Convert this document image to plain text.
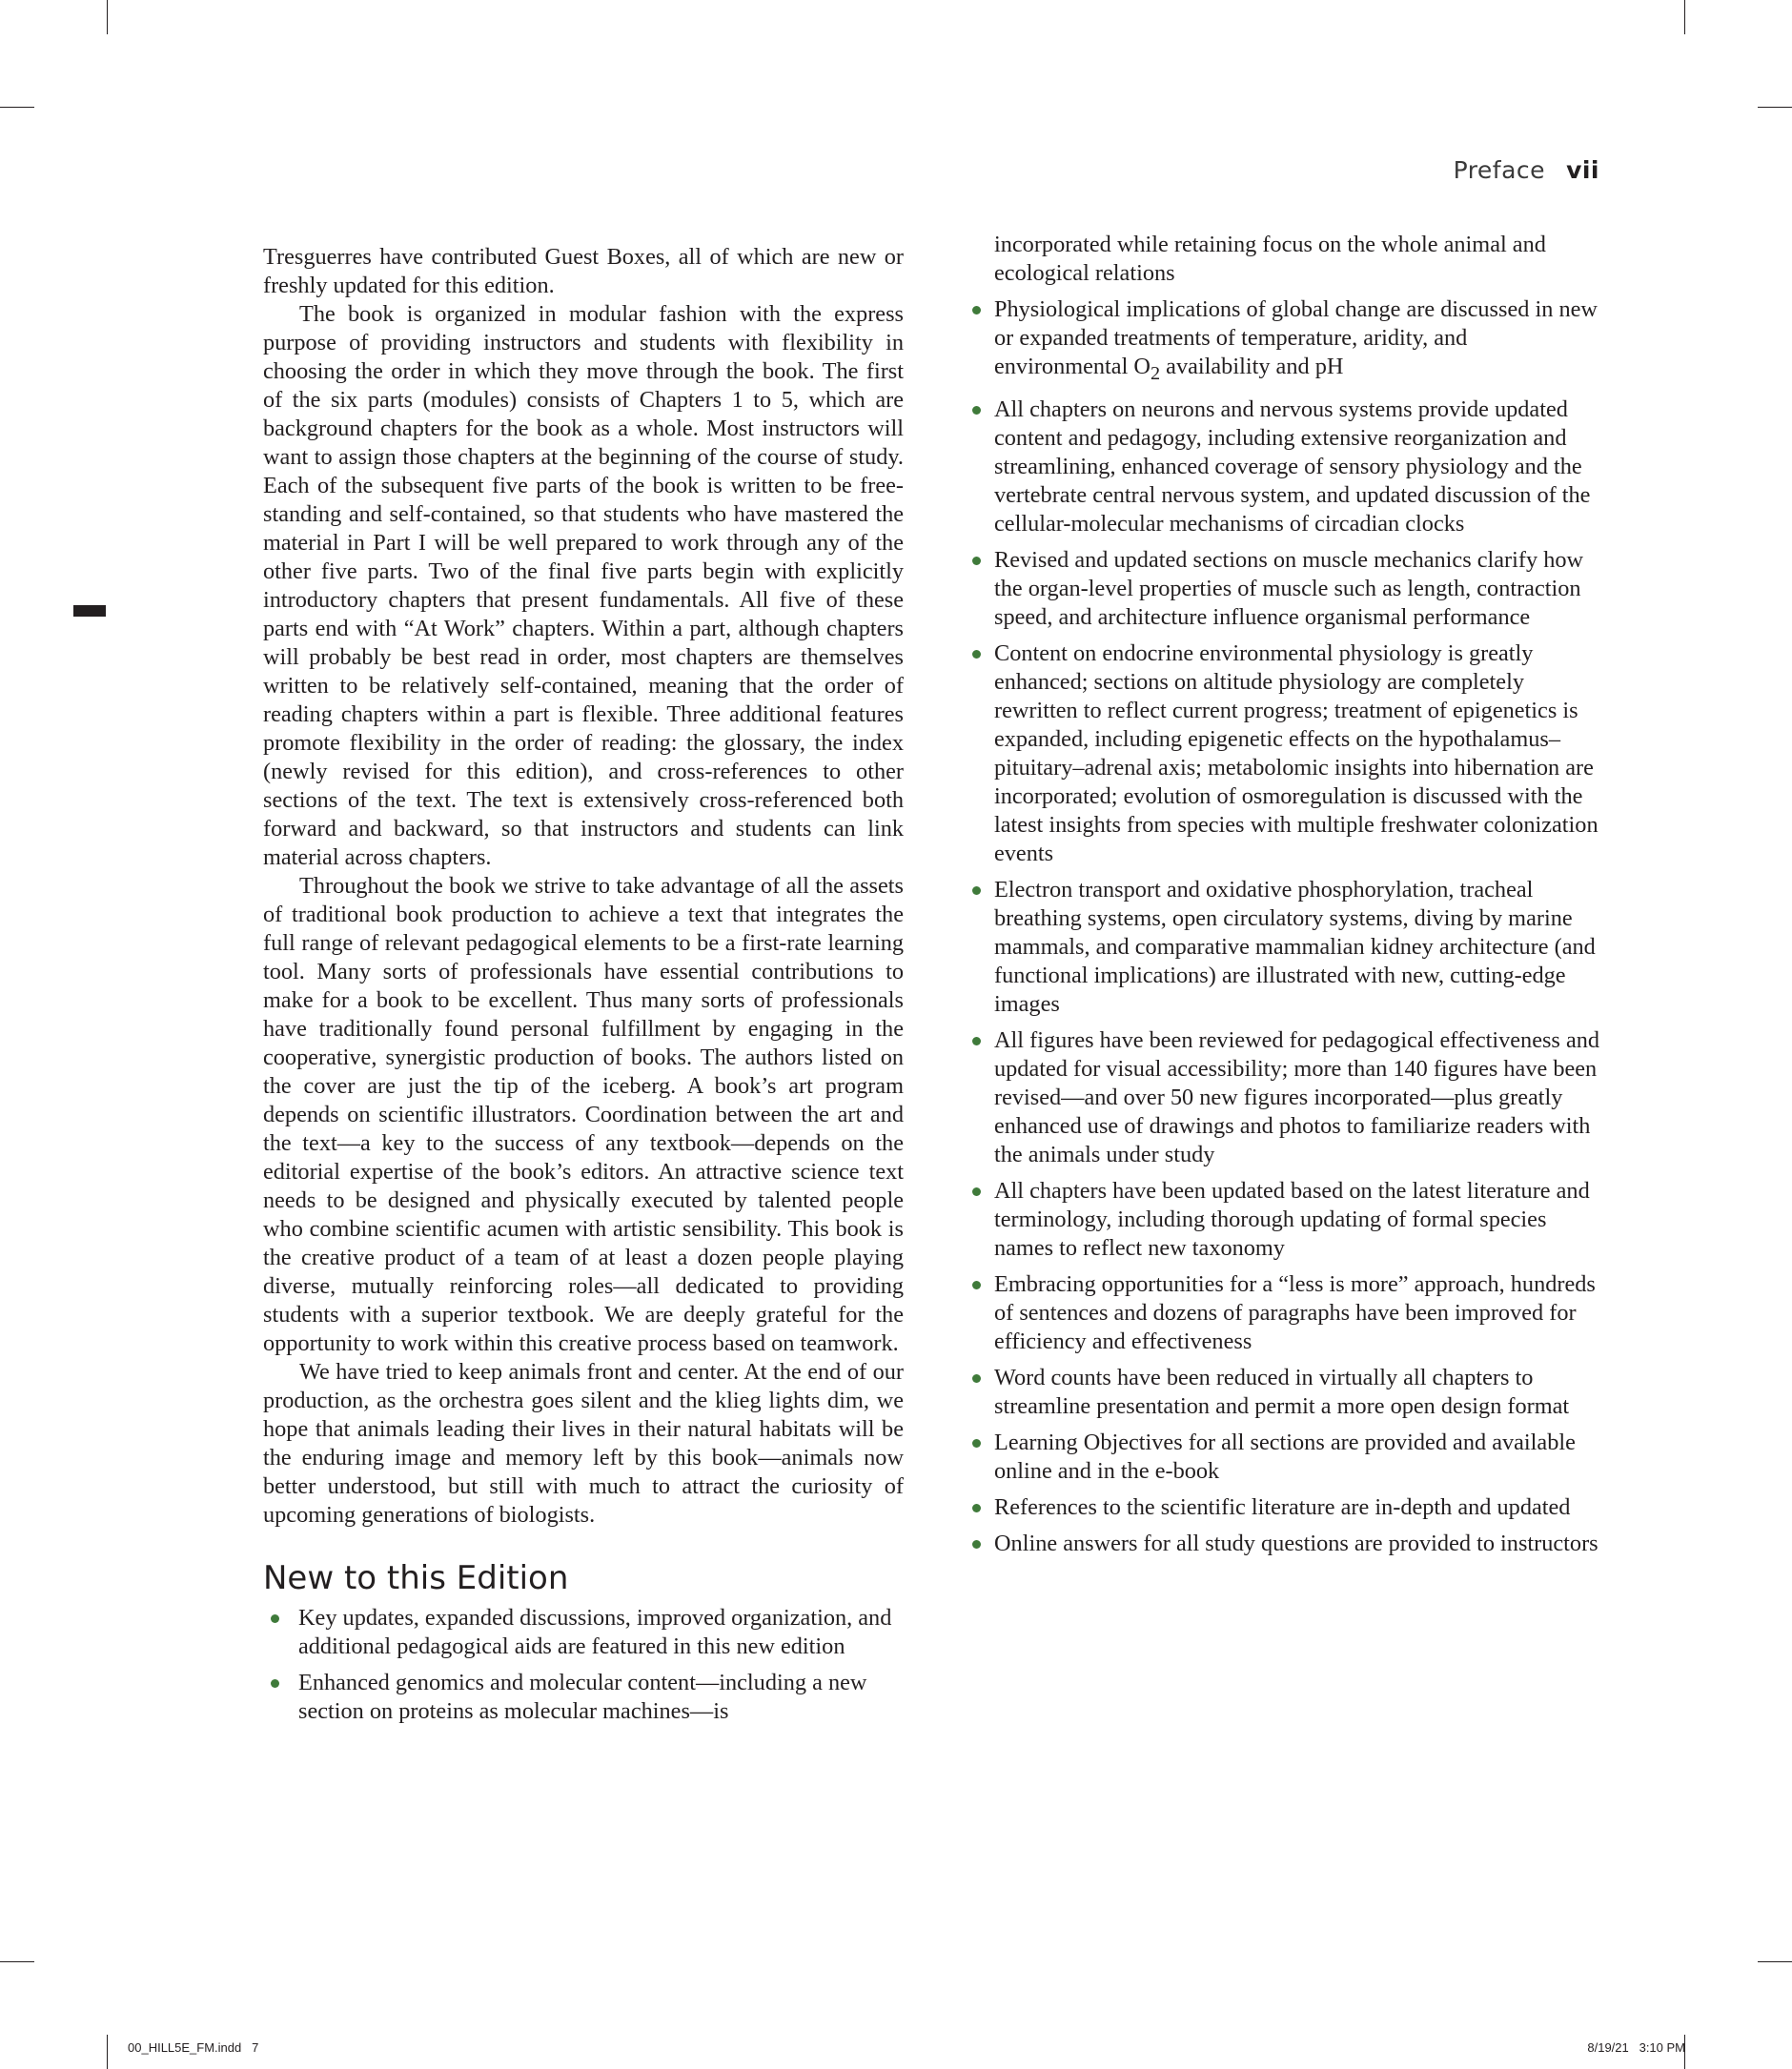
Preface vii

Tresguerres have contributed Guest Boxes, all of which are new or freshly updated for this edition.

The book is organized in modular fashion with the express purpose of providing instructors and students with flexibility in choosing the order in which they move through the book. The first of the six parts (modules) consists of Chapters 1 to 5, which are background chapters for the book as a whole. Most instructors will want to assign those chapters at the beginning of the course of study. Each of the subsequent five parts of the book is written to be free-standing and self-contained, so that students who have mastered the material in Part I will be well prepared to work through any of the other five parts. Two of the final five parts begin with explicitly introductory chapters that present fundamentals. All five of these parts end with “At Work” chapters. Within a part, although chapters will probably be best read in order, most chapters are themselves written to be relatively self-contained, meaning that the order of reading chapters within a part is flexible. Three additional features promote flexibility in the order of reading: the glossary, the index (newly revised for this edition), and cross-references to other sections of the text. The text is extensively cross-referenced both forward and backward, so that instructors and students can link material across chapters.

Throughout the book we strive to take advantage of all the assets of traditional book production to achieve a text that integrates the full range of relevant pedagogical elements to be a first-rate learning tool. Many sorts of professionals have essential contributions to make for a book to be excellent. Thus many sorts of professionals have traditionally found personal fulfillment by engaging in the cooperative, synergistic production of books. The authors listed on the cover are just the tip of the iceberg. A book’s art program depends on scientific illustrators. Coordination between the art and the text—a key to the success of any textbook—depends on the editorial expertise of the book’s editors. An attractive science text needs to be designed and physically executed by talented people who combine scientific acumen with artistic sensibility. This book is the creative product of a team of at least a dozen people playing diverse, mutually reinforcing roles—all dedicated to providing students with a superior textbook. We are deeply grateful for the opportunity to work within this creative process based on teamwork.

We have tried to keep animals front and center. At the end of our production, as the orchestra goes silent and the klieg lights dim, we hope that animals leading their lives in their natural habitats will be the enduring image and memory left by this book—animals now better understood, but still with much to attract the curiosity of upcoming generations of biologists.

New to this Edition
Key updates, expanded discussions, improved organization, and additional pedagogical aids are featured in this new edition
Enhanced genomics and molecular content—including a new section on proteins as molecular machines—is
incorporated while retaining focus on the whole animal and ecological relations
Physiological implications of global change are discussed in new or expanded treatments of temperature, aridity, and environmental $O_2$ availability and pH
All chapters on neurons and nervous systems provide updated content and pedagogy, including extensive reorganization and streamlining, enhanced coverage of sensory physiology and the vertebrate central nervous system, and updated discussion of the cellular-molecular mechanisms of circadian clocks
Revised and updated sections on muscle mechanics clarify how the organ-level properties of muscle such as length, contraction speed, and architecture influence organismal performance
Content on endocrine environmental physiology is greatly enhanced; sections on altitude physiology are completely rewritten to reflect current progress; treatment of epigenetics is expanded, including epigenetic effects on the hypothalamus–pituitary–adrenal axis; metabolomic insights into hibernation are incorporated; evolution of osmoregulation is discussed with the latest insights from species with multiple freshwater colonization events
Electron transport and oxidative phosphorylation, tracheal breathing systems, open circulatory systems, diving by marine mammals, and comparative mammalian kidney architecture (and functional implications) are illustrated with new, cutting-edge images
All figures have been reviewed for pedagogical effectiveness and updated for visual accessibility; more than 140 figures have been revised—and over 50 new figures incorporated—plus greatly enhanced use of drawings and photos to familiarize readers with the animals under study
All chapters have been updated based on the latest literature and terminology, including thorough updating of formal species names to reflect new taxonomy
Embracing opportunities for a “less is more” approach, hundreds of sentences and dozens of paragraphs have been improved for efficiency and effectiveness
Word counts have been reduced in virtually all chapters to streamline presentation and permit a more open design format
Learning Objectives for all sections are provided and available online and in the e-book
References to the scientific literature are in-depth and updated
Online answers for all study questions are provided to instructors
00_HILL5E_FM.indd   7	8/19/21   3:10 PM
